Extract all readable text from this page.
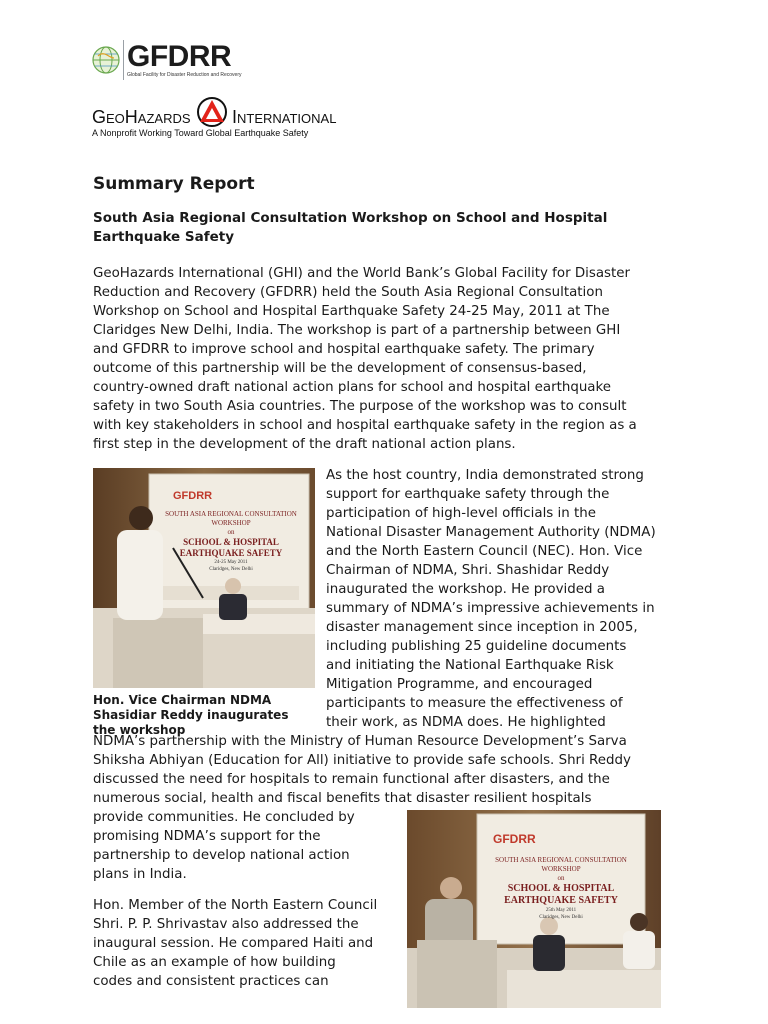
GFDRR
Global Facility for Disaster Reduction and Recovery
GeoHazards International
A Nonprofit Working Toward Global Earthquake Safety
Summary Report
South Asia Regional Consultation Workshop on School and Hospital Earthquake Safety
GeoHazards International (GHI) and the World Bank’s Global Facility for Disaster
Reduction and Recovery (GFDRR) held the South Asia Regional Consultation
Workshop on School and Hospital Earthquake Safety 24-25 May, 2011 at The
Claridges New Delhi, India. The workshop is part of a partnership between GHI
and GFDRR to improve school and hospital earthquake safety. The primary
outcome of this partnership will be the development of consensus-based,
country-owned draft national action plans for school and hospital earthquake
safety in two South Asia countries. The purpose of the workshop was to consult
with key stakeholders in school and hospital earthquake safety in the region as a
first step in the development of the draft national action plans.
GFDRR
SOUTH ASIA REGIONAL CONSULTATION
WORKSHOP
on
SCHOOL & HOSPITAL
EARTHQUAKE SAFETY
24-25 May 2011
Claridges, New Delhi
Hon. Vice Chairman NDMA Shasidiar Reddy inaugurates the workshop
As the host country, India demonstrated strong
support for earthquake safety through the
participation of high-level officials in the
National Disaster Management Authority (NDMA)
and the North Eastern Council (NEC). Hon. Vice
Chairman of NDMA, Shri. Shashidar Reddy
inaugurated the workshop. He provided a
summary of NDMA’s impressive achievements in
disaster management since inception in 2005,
including publishing 25 guideline documents
and initiating the National Earthquake Risk
Mitigation Programme, and encouraged
participants to measure the effectiveness of
their work, as NDMA does. He highlighted
NDMA’s partnership with the Ministry of Human Resource Development’s Sarva
Shiksha Abhiyan (Education for All) initiative to provide safe schools. Shri Reddy
discussed the need for hospitals to remain functional after disasters, and the
numerous social, health and fiscal benefits that disaster resilient hospitals
provide communities. He concluded by
promising NDMA’s support for the
partnership to develop national action
plans in India.
Hon. Member of the North Eastern Council
Shri. P. P. Shrivastav also addressed the
inaugural session. He compared Haiti and
Chile as an example of how building
codes and consistent practices can
GFDRR
SOUTH ASIA REGIONAL CONSULTATION
WORKSHOP
on
SCHOOL & HOSPITAL
EARTHQUAKE SAFETY
25th May 2011
Claridges, New Delhi
